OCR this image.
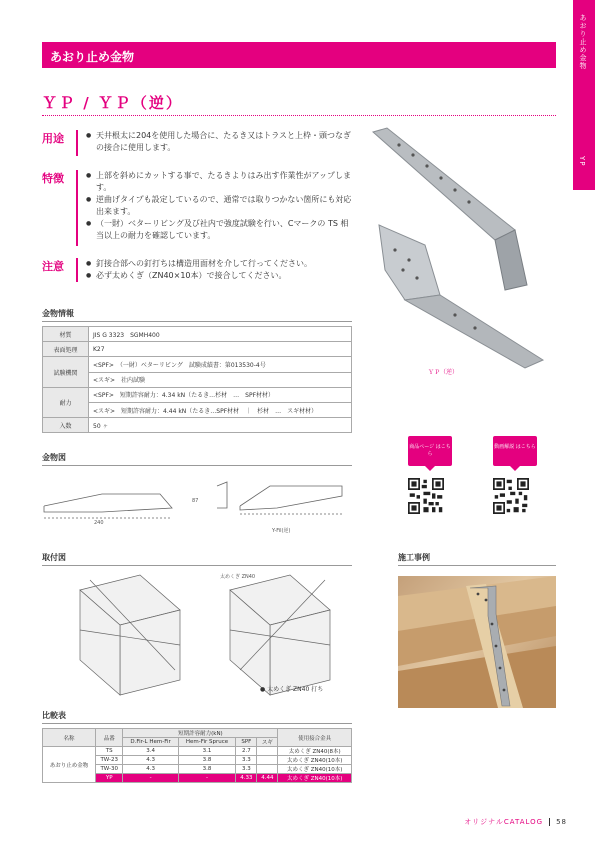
あおり止め金物
YP
あおり止め金物
ＹＰ / ＹＰ（逆）
用途	● 天井根太に204を使用した場合に、たるき又はトラスと上枠・頭つなぎの接合に使用します。
特徴	● 上部を斜めにカットする事で、たるきよりはみ出す作業性がアップします。
● 逆曲げタイプも設定しているので、通常では取りつかない箇所にも対応出来ます。
● （一財）ベターリビング及び社内で強度試験を行い、Cマークの TS 相当以上の耐力を確認しています。
注意	● 釘接合部への釘打ちは構造用面材を介して行ってください。
● 必ず太めくぎ（ZN40×10本）で接合してください。
ＹＰ（逆）
金物情報
材質	JIS G 3323　SGMH400
表面処理	K27
試験機関	<SPF>　（一財）ベターリビング　試験成績書：第013530-4号
	<スギ>　社内試験
耐力	<SPF>　短期許容耐力：4.34 kN（たるき…杉材　…　SPF材材）
	<スギ>　短期許容耐力：4.44 kN（たるき…SPF材材　｜　杉材　…　スギ材材）
入数	50 ヶ
商品ページ はこちら
動画解説 はこちら
金物図
240
87
Y-Fil(逆)
取付図
太めくぎ ZN40
● 太めくぎ ZN40 打ち
施工事例
比較表
名称	品番	短期許容耐力(kN)				使用接合金具
		D.Fir-L Hem-Fir	Hem-Fir Spruce	SPF	スギ	
あおり止め金物	TS	3.4	3.1	2.7		太めくぎ ZN40(8本)
	TW-23	4.3	3.8	3.3		太めくぎ ZN40(10本)
	TW-30	4.3	3.8	3.3		太めくぎ ZN40(10本)
	YP	-	-	4.33	4.44	太めくぎ ZN40(10本)
オリジナルCATALOG 58
